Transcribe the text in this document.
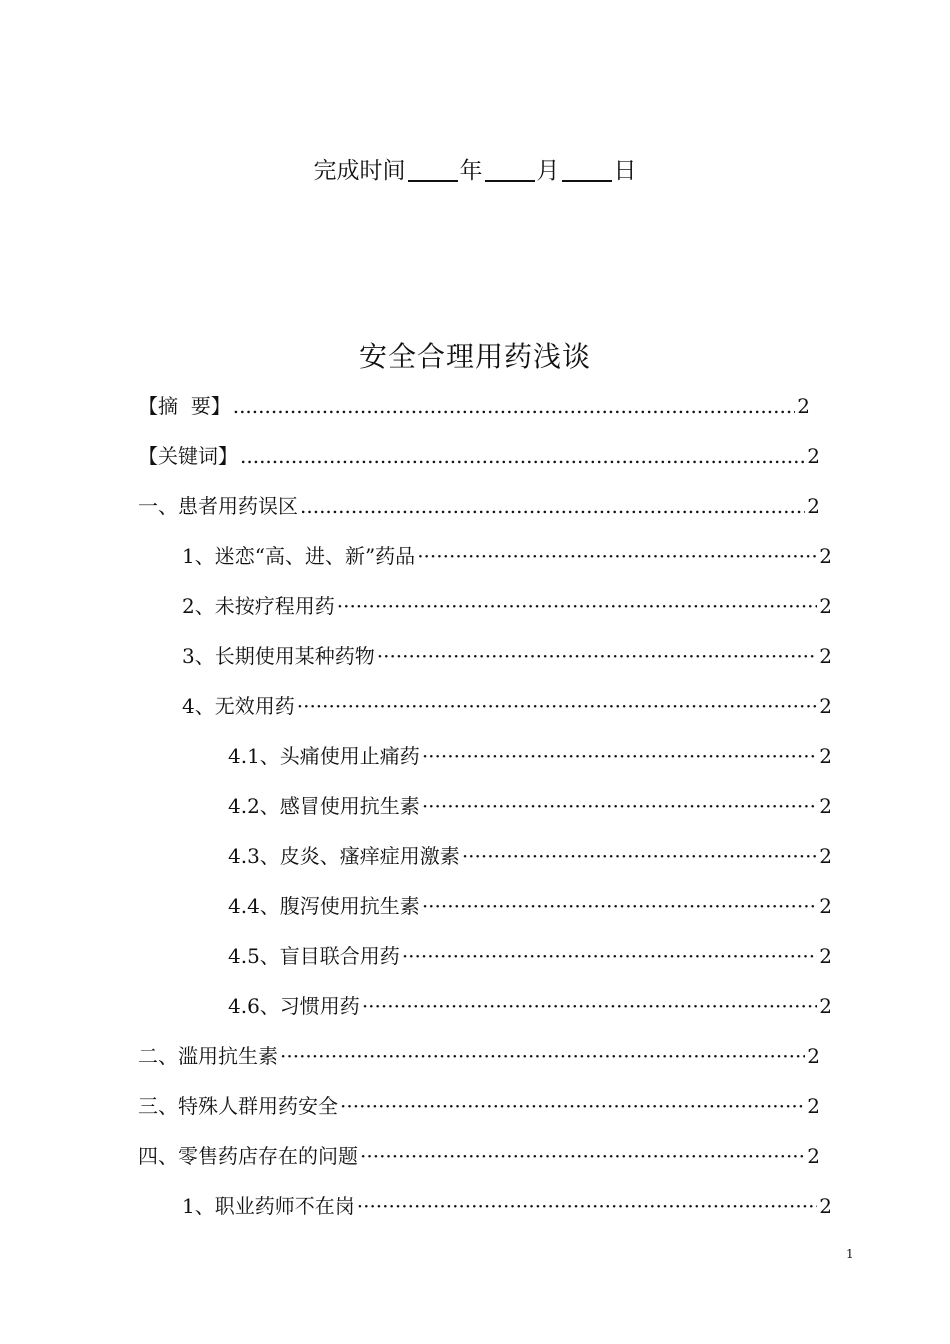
完成时间 年 月 日
安全合理用药浅谈
【摘  要】 .....	2
【关键词】 .....	2
一、患者用药误区 .....	2
1、迷恋“高、进、新”药品 ·····	2
2、未按疗程用药 ·····	2
3、长期使用某种药物 ·····	2
4、无效用药 ·····	2
4.1、头痛使用止痛药 ·····	2
4.2、感冒使用抗生素 ·····	2
4.3、皮炎、瘙痒症用激素 ·····	2
4.4、腹泻使用抗生素 ·····	2
4.5、盲目联合用药 ·····	2
4.6、习惯用药 ·····	2
二、滥用抗生素 ·····	2
三、特殊人群用药安全 ·····	2
四、零售药店存在的问题 ·····	2
1、职业药师不在岗 ·····	2
1
